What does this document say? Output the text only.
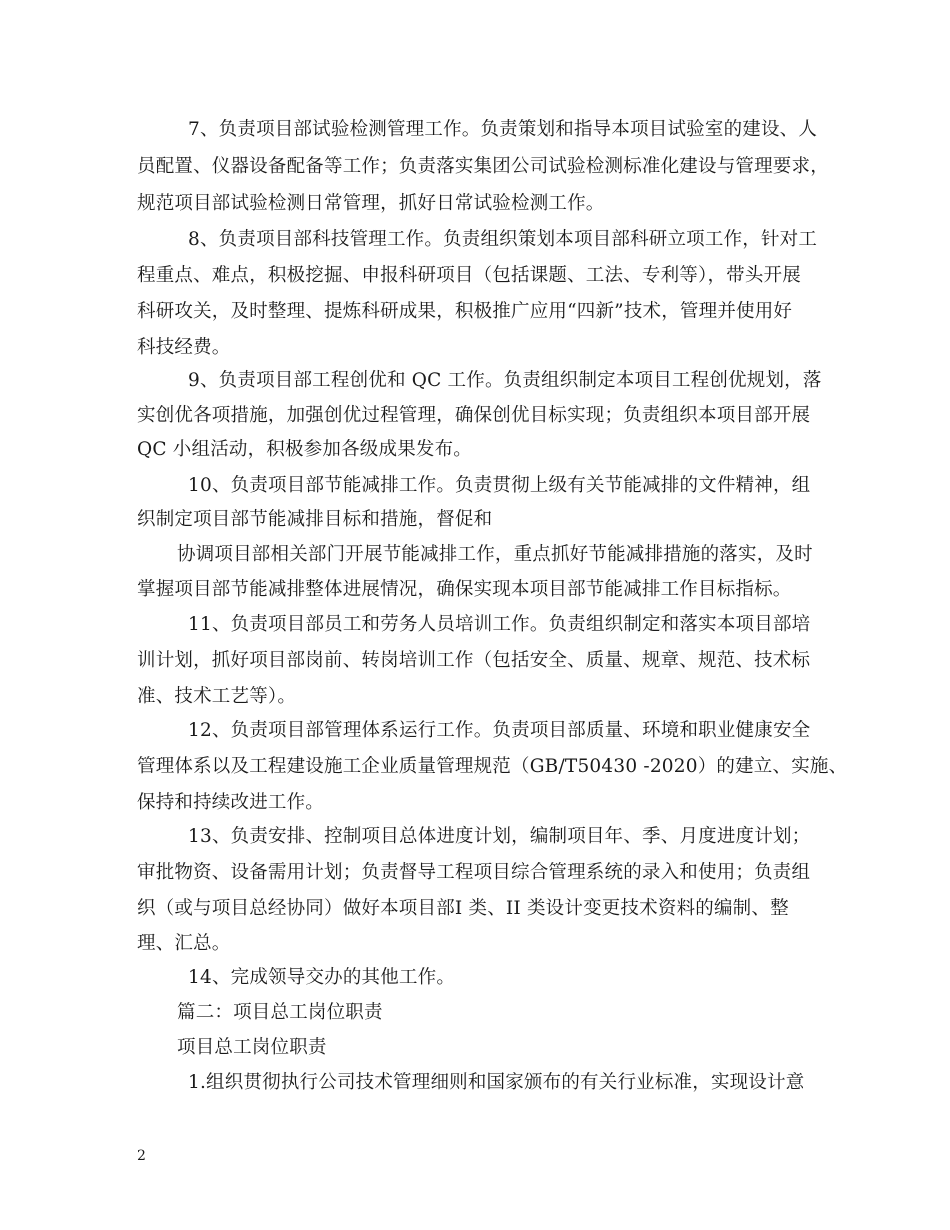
7、负责项目部试验检测管理工作。负责策划和指导本项目试验室的建设、人
员配置、仪器设备配备等工作；负责落实集团公司试验检测标准化建设与管理要求，
规范项目部试验检测日常管理，抓好日常试验检测工作。
8、负责项目部科技管理工作。负责组织策划本项目部科研立项工作，针对工
程重点、难点，积极挖掘、申报科研项目（包括课题、工法、专利等），带头开展
科研攻关，及时整理、提炼科研成果，积极推广应用“四新”技术，管理并使用好
科技经费。
9、负责项目部工程创优和 QC 工作。负责组织制定本项目工程创优规划，落
实创优各项措施，加强创优过程管理，确保创优目标实现；负责组织本项目部开展
QC 小组活动，积极参加各级成果发布。
10、负责项目部节能减排工作。负责贯彻上级有关节能减排的文件精神，组
织制定项目部节能减排目标和措施，督促和
协调项目部相关部门开展节能减排工作，重点抓好节能减排措施的落实，及时
掌握项目部节能减排整体进展情况，确保实现本项目部节能减排工作目标指标。
11、负责项目部员工和劳务人员培训工作。负责组织制定和落实本项目部培
训计划，抓好项目部岗前、转岗培训工作（包括安全、质量、规章、规范、技术标
准、技术工艺等）。
12、负责项目部管理体系运行工作。负责项目部质量、环境和职业健康安全
管理体系以及工程建设施工企业质量管理规范（GB/T50430 -2020）的建立、实施、
保持和持续改进工作。
13、负责安排、控制项目总体进度计划，编制项目年、季、月度进度计划；
审批物资、设备需用计划；负责督导工程项目综合管理系统的录入和使用；负责组
织（或与项目总经协同）做好本项目部Ⅰ 类、II 类设计变更技术资料的编制、整
理、汇总。
14、完成领导交办的其他工作。
篇二：项目总工岗位职责
项目总工岗位职责
1.组织贯彻执行公司技术管理细则和国家颁布的有关行业标准，实现设计意
2
